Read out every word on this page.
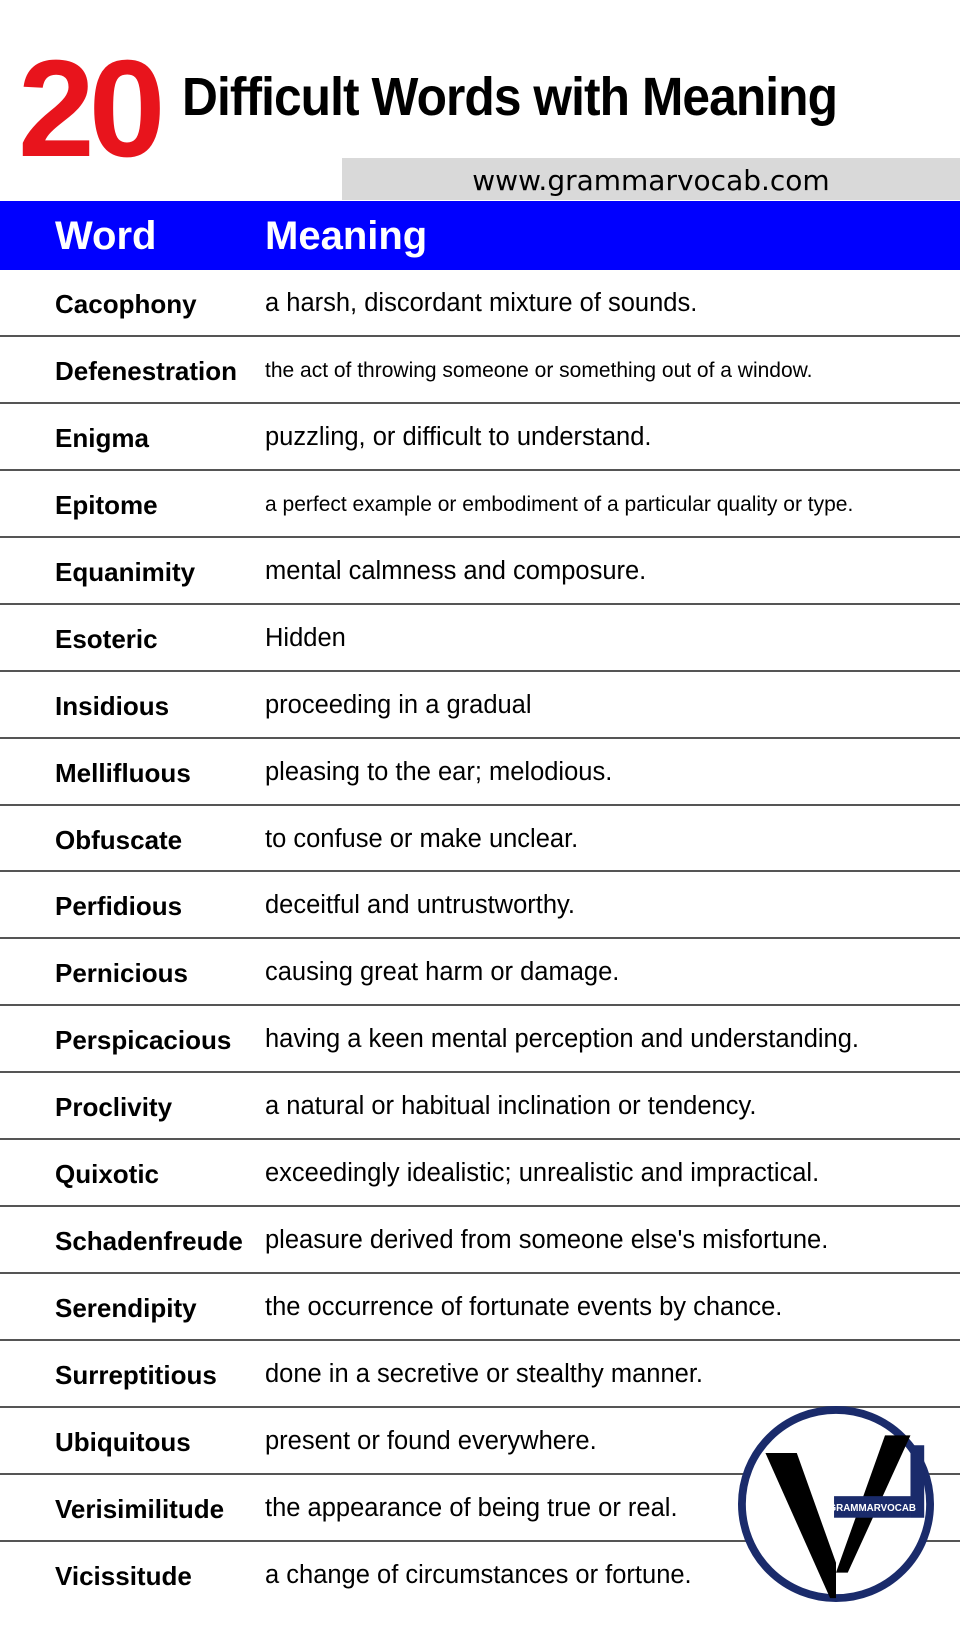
20 Difficult Words with Meaning
www.grammarvocab.com
Word	Meaning
Cacophony	a harsh, discordant mixture of sounds.
Defenestration the act of throwing someone or something out of a window.
Enigma	puzzling, or difficult to understand.
Epitome	a perfect example or embodiment of a particular quality or type.
Equanimity	mental calmness and composure.
Esoteric	Hidden
Insidious	proceeding in a gradual
Mellifluous	pleasing to the ear; melodious.
Obfuscate	to confuse or make unclear.
Perfidious	deceitful and untrustworthy.
Pernicious	causing great harm or damage.
Perspicacious having a keen mental perception and understanding.
Proclivity	a natural or habitual inclination or tendency.
Quixotic	exceedingly idealistic; unrealistic and impractical.
Schadenfreude pleasure derived from someone else's misfortune.
Serendipity	the occurrence of fortunate events by chance.
Surreptitious done in a secretive or stealthy manner.
Ubiquitous	present or found everywhere.
Verisimilitude the appearance of being true or real.
Vicissitude	a change of circumstances or fortune.
GRAMMARVOCAB
